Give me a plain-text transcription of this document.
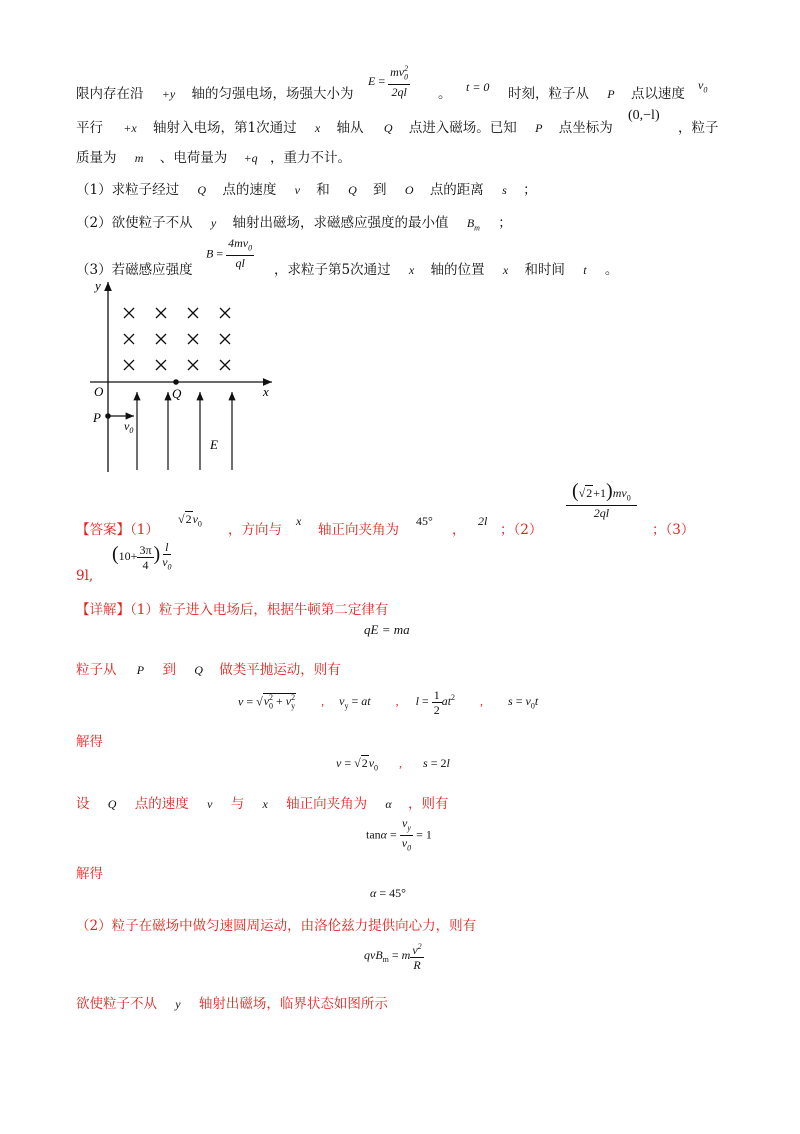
限内存在沿 +y 轴的匀强电场，场强大小为
$E = \frac{mv_0^2}{2ql}$ 。 t = 0 时刻，粒子从 P 点以速度
$v_0$
平行 +x 轴射入电场，第1次通过 x 轴从 Q 点进入磁场。已知 P 点坐标为
(0,−l)
，粒子
质量为 m 、电荷量为 +q ，重力不计。
（1）求粒子经过 Q 点的速度 v 和 Q 到 O 点的距离 s ；
（2）欲使粒子不从 y 轴射出磁场，求磁感应强度的最小值 $B_m$ ；
（3）若磁感应强度
$B = \frac{4mv_0}{ql}$ ，求粒子第5次通过 x 轴的位置 x 和时间 t 。
y
x
O	Q
P
E
$v_0$
【答案】（1）
$√2v_0$ ，方向与
x
轴正向夹角为
45°
，
2l
；（2）
$\frac{(√2+1)mv_0}{2ql}$
；（3）
9l,
($10+ \frac{3\pi}{4}$ ) $\frac{l}{v_0}$
【详解】（1）粒子进入电场后，根据牛顿第二定律有
qE = ma
粒子从 P 到 Q 做类平抛运动，则有
$v = √v_0^2 + v_y^2$ , $v_y$ = at , $l = \frac{1}{2} at^2$ , $s = v_0t$
解得
$v = √2v_0$ , s = 2l
设 Q 点的速度 v 与 x 轴正向夹角为 α ，则有
$\tan\alpha = \frac{v_y}{v_0} = 1$
解得
α = 45°
（2）粒子在磁场中做匀速圆周运动，由洛伦兹力提供向心力，则有
qvB$_m$ = m $\frac{v^2}{R}$
欲使粒子不从 y 轴射出磁场，临界状态如图所示
